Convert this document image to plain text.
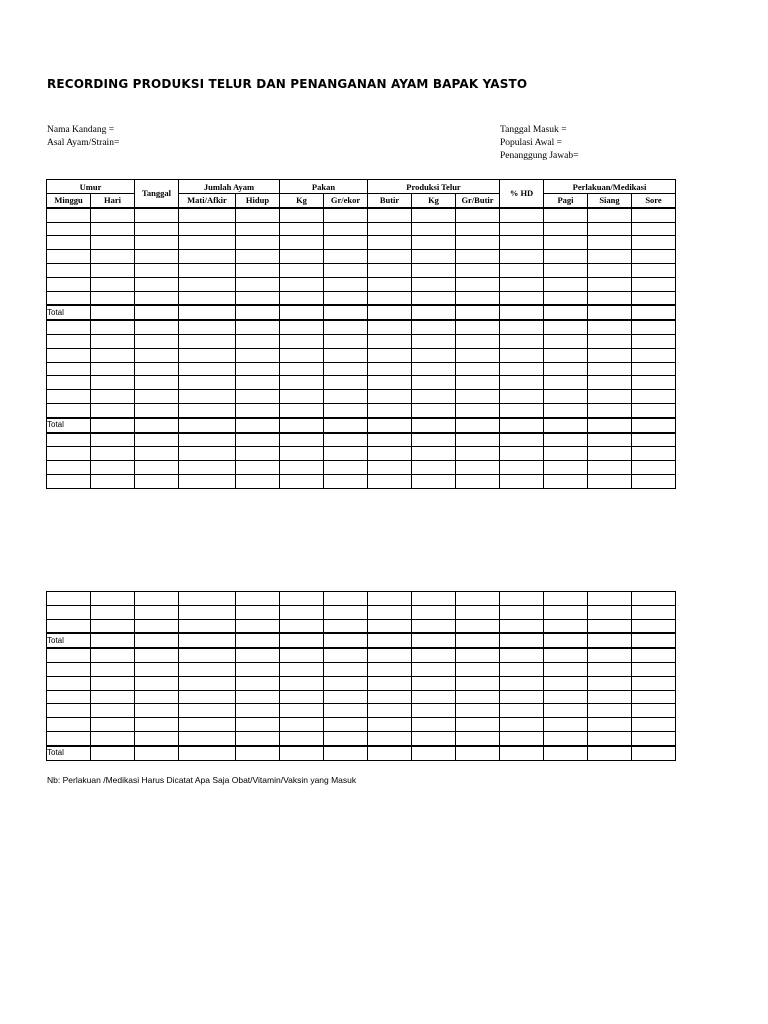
RECORDING PRODUKSI TELUR DAN PENANGANAN AYAM BAPAK YASTO
Nama Kandang =
Asal Ayam/Strain=
Tanggal Masuk =
Populasi Awal =
Penanggung Jawab=
Umur		Tanggal	Jumlah Ayam		Pakan		Produksi Telur			% HD	Perlakuan/Medikasi		
Minggu	Hari		Mati/Afkir	Hidup	Kg	Gr/ekor	Butir	Kg	Gr/Butir		Pagi	Siang	Sore

Total													

Total													

Total													

Total													
Nb: Perlakuan /Medikasi Harus Dicatat Apa Saja Obat/Vitamin/Vaksin yang Masuk
